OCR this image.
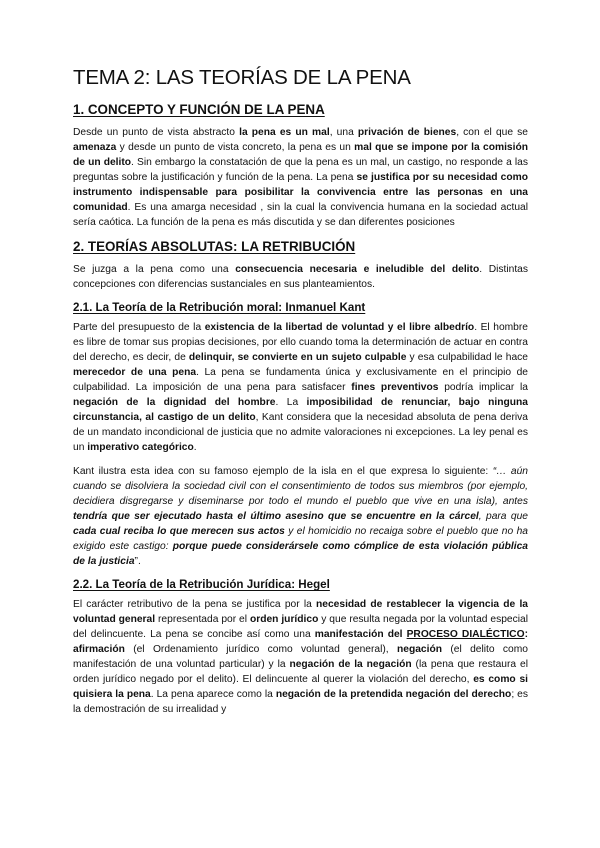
TEMA 2: LAS TEORÍAS DE LA PENA
1. CONCEPTO Y FUNCIÓN DE LA PENA

Desde un punto de vista abstracto la pena es un mal, una privación de bienes, con el que se amenaza y desde un punto de vista concreto, la pena es un mal que se impone por la comisión de un delito. Sin embargo la constatación de que la pena es un mal, un castigo, no responde a las preguntas sobre la justificación y función de la pena. La pena se justifica por su necesidad como instrumento indispensable para posibilitar la convivencia entre las personas en una comunidad. Es una amarga necesidad , sin la cual la convivencia humana en la sociedad actual sería caótica. La función de la pena es más discutida y se dan diferentes posiciones

2. TEORÍAS ABSOLUTAS: LA RETRIBUCIÓN

Se juzga a la pena como una consecuencia necesaria e ineludible del delito. Distintas concepciones con diferencias sustanciales en sus planteamientos.

2.1. La Teoría de la Retribución moral: Inmanuel Kant

Parte del presupuesto de la existencia de la libertad de voluntad y el libre albedrío. El hombre es libre de tomar sus propias decisiones, por ello cuando toma la determinación de actuar en contra del derecho, es decir, de delinquir, se convierte en un sujeto culpable y esa culpabilidad le hace merecedor de una pena. La pena se fundamenta única y exclusivamente en el principio de culpabilidad. La imposición de una pena para satisfacer fines preventivos podría implicar la negación de la dignidad del hombre. La imposibilidad de renunciar, bajo ninguna circunstancia, al castigo de un delito, Kant considera que la necesidad absoluta de pena deriva de un mandato incondicional de justicia que no admite valoraciones ni excepciones. La ley penal es un imperativo categórico.

Kant ilustra esta idea con su famoso ejemplo de la isla en el que expresa lo siguiente: “… aún cuando se disolviera la sociedad civil con el consentimiento de todos sus miembros (por ejemplo, decidiera disgregarse y diseminarse por todo el mundo el pueblo que vive en una isla), antes tendría que ser ejecutado hasta el último asesino que se encuentre en la cárcel, para que cada cual reciba lo que merecen sus actos y el homicidio no recaiga sobre el pueblo que no ha exigido este castigo: porque puede considerársele como cómplice de esta violación pública de la justicia”.

2.2. La Teoría de la Retribución Jurídica: Hegel

El carácter retributivo de la pena se justifica por la necesidad de restablecer la vigencia de la voluntad general representada por el orden jurídico y que resulta negada por la voluntad especial del delincuente. La pena se concibe así como una manifestación del PROCESO DIALÉCTICO: afirmación (el Ordenamiento jurídico como voluntad general), negación (el delito como manifestación de una voluntad particular) y la negación de la negación (la pena que restaura el orden jurídico negado por el delito). El delincuente al querer la violación del derecho, es como si quisiera la pena. La pena aparece como la negación de la pretendida negación del derecho; es la demostración de su irrealidad y
